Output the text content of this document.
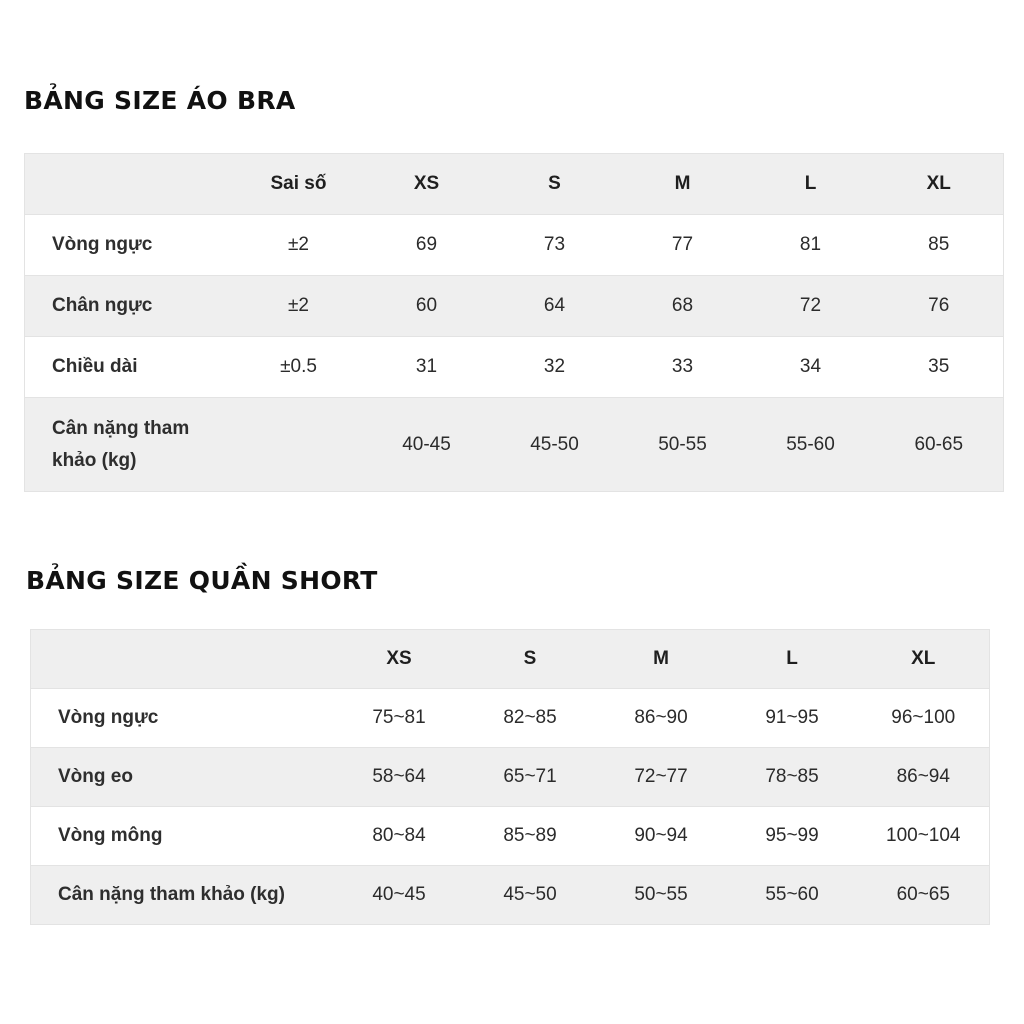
BẢNG SIZE ÁO BRA
	Sai số	XS	S	M	L	XL
Vòng ngực	±2	69	73	77	81	85
Chân ngực	±2	60	64	68	72	76
Chiều dài	±0.5	31	32	33	34	35
Cân nặng tham khảo (kg)		40-45	45-50	50-55	55-60	60-65
BẢNG SIZE QUẦN SHORT
	XS	S	M	L	XL
Vòng ngực	75~81	82~85	86~90	91~95	96~100
Vòng eo	58~64	65~71	72~77	78~85	86~94
Vòng mông	80~84	85~89	90~94	95~99	100~104
Cân nặng tham khảo (kg)	40~45	45~50	50~55	55~60	60~65
